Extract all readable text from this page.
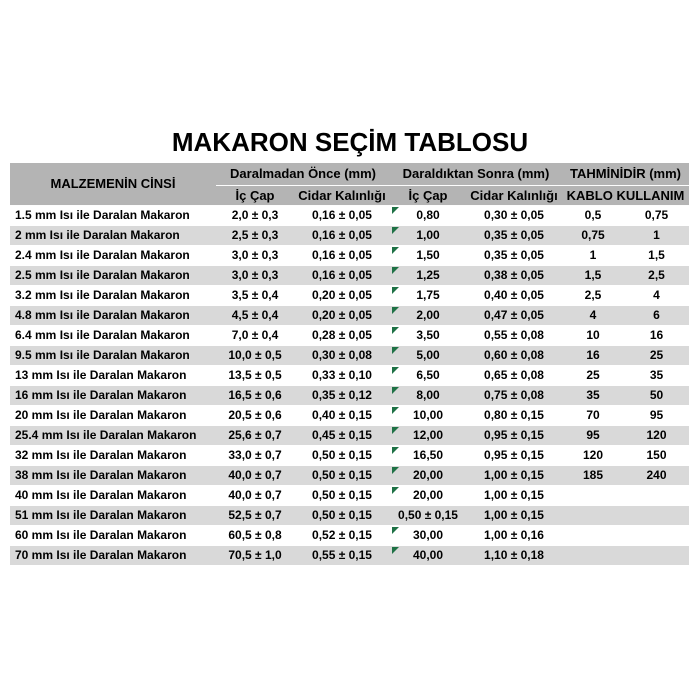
MAKARON SEÇİM TABLOSU
MALZEMENİN CİNSİ	Daralmadan Önce (mm)		Daraldıktan Sonra (mm)		TAHMİNİDİR (mm)	
	İç Çap	Cidar Kalınlığı	İç Çap	Cidar Kalınlığı	KABLO KULLANIM	
1.5 mm Isı ile Daralan Makaron	2,0 ± 0,3	0,16 ± 0,05	0,80	0,30 ± 0,05	0,5	0,75
2 mm Isı ile Daralan Makaron	2,5 ± 0,3	0,16 ± 0,05	1,00	0,35 ± 0,05	0,75	1
2.4 mm Isı ile Daralan Makaron	3,0 ± 0,3	0,16 ± 0,05	1,50	0,35 ± 0,05	1	1,5
2.5 mm Isı ile Daralan Makaron	3,0 ± 0,3	0,16 ± 0,05	1,25	0,38 ± 0,05	1,5	2,5
3.2 mm Isı ile Daralan Makaron	3,5 ± 0,4	0,20 ± 0,05	1,75	0,40 ± 0,05	2,5	4
4.8 mm Isı ile Daralan Makaron	4,5 ± 0,4	0,20 ± 0,05	2,00	0,47 ± 0,05	4	6
6.4 mm Isı ile Daralan Makaron	7,0 ± 0,4	0,28 ± 0,05	3,50	0,55 ± 0,08	10	16
9.5 mm Isı ile Daralan Makaron	10,0 ± 0,5	0,30 ± 0,08	5,00	0,60 ± 0,08	16	25
13 mm Isı ile Daralan Makaron	13,5 ± 0,5	0,33 ± 0,10	6,50	0,65 ± 0,08	25	35
16 mm Isı ile Daralan Makaron	16,5 ± 0,6	0,35 ± 0,12	8,00	0,75 ± 0,08	35	50
20 mm Isı ile Daralan Makaron	20,5 ± 0,6	0,40 ± 0,15	10,00	0,80 ± 0,15	70	95
25.4 mm Isı ile Daralan Makaron	25,6 ± 0,7	0,45 ± 0,15	12,00	0,95 ± 0,15	95	120
32 mm Isı ile Daralan Makaron	33,0 ± 0,7	0,50 ± 0,15	16,50	0,95 ± 0,15	120	150
38 mm Isı ile Daralan Makaron	40,0 ± 0,7	0,50 ± 0,15	20,00	1,00 ± 0,15	185	240
40 mm Isı ile Daralan Makaron	40,0 ± 0,7	0,50 ± 0,15	20,00	1,00 ± 0,15		
51 mm Isı ile Daralan Makaron	52,5 ± 0,7	0,50 ± 0,15	0,50 ± 0,15	1,00 ± 0,15		
60 mm Isı ile Daralan Makaron	60,5 ± 0,8	0,52 ± 0,15	30,00	1,00 ± 0,16		
70 mm Isı ile Daralan Makaron	70,5 ± 1,0	0,55 ± 0,15	40,00	1,10 ± 0,18		
